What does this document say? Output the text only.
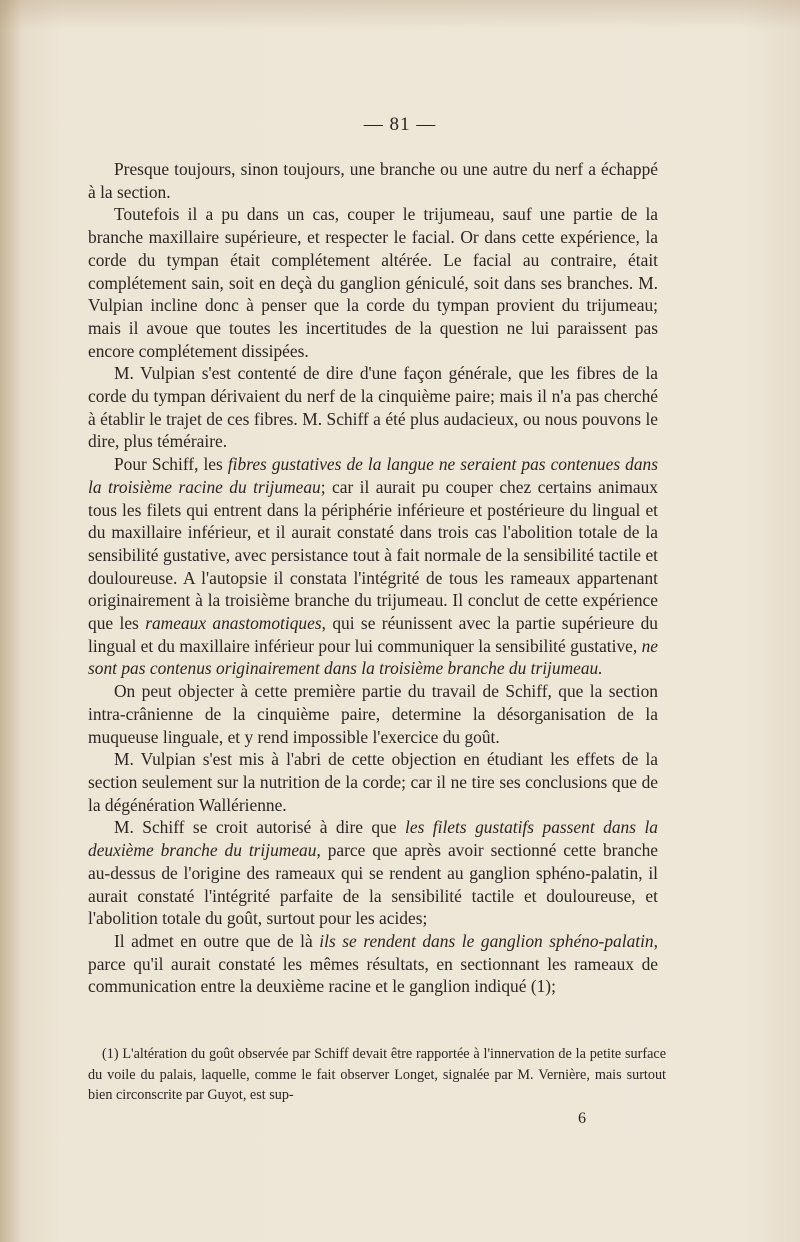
— 81 —

Presque toujours, sinon toujours, une branche ou une autre du nerf a échappé à la section.

Toutefois il a pu dans un cas, couper le trijumeau, sauf une partie de la branche maxillaire supérieure, et respecter le facial. Or dans cette expérience, la corde du tympan était complétement altérée. Le facial au contraire, était complétement sain, soit en deçà du ganglion géniculé, soit dans ses branches. M. Vulpian incline donc à penser que la corde du tympan provient du trijumeau; mais il avoue que toutes les incertitudes de la question ne lui paraissent pas encore complétement dissipées.

M. Vulpian s'est contenté de dire d'une façon générale, que les fibres de la corde du tympan dérivaient du nerf de la cinquième paire; mais il n'a pas cherché à établir le trajet de ces fibres. M. Schiff a été plus audacieux, ou nous pouvons le dire, plus téméraire.

Pour Schiff, les fibres gustatives de la langue ne seraient pas contenues dans la troisième racine du trijumeau; car il aurait pu couper chez certains animaux tous les filets qui entrent dans la périphérie inférieure et postérieure du lingual et du maxillaire inférieur, et il aurait constaté dans trois cas l'abolition totale de la sensibilité gustative, avec persistance tout à fait normale de la sensibilité tactile et douloureuse. A l'autopsie il constata l'intégrité de tous les rameaux appartenant originairement à la troisième branche du trijumeau. Il conclut de cette expérience que les rameaux anastomotiques, qui se réunissent avec la partie supérieure du lingual et du maxillaire inférieur pour lui communiquer la sensibilité gustative, ne sont pas contenus originairement dans la troisième branche du trijumeau.

On peut objecter à cette première partie du travail de Schiff, que la section intra-crânienne de la cinquième paire, determine la désorganisation de la muqueuse linguale, et y rend impossible l'exercice du goût.

M. Vulpian s'est mis à l'abri de cette objection en étudiant les effets de la section seulement sur la nutrition de la corde; car il ne tire ses conclusions que de la dégénération Wallérienne.

M. Schiff se croit autorisé à dire que les filets gustatifs passent dans la deuxième branche du trijumeau, parce que après avoir sectionné cette branche au-dessus de l'origine des rameaux qui se rendent au ganglion sphéno-palatin, il aurait constaté l'intégrité parfaite de la sensibilité tactile et douloureuse, et l'abolition totale du goût, surtout pour les acides;

Il admet en outre que de là ils se rendent dans le ganglion sphéno-palatin, parce qu'il aurait constaté les mêmes résultats, en sectionnant les rameaux de communication entre la deuxième racine et le ganglion indiqué (1);

(1) L'altération du goût observée par Schiff devait être rapportée à l'innervation de la petite surface du voile du palais, laquelle, comme le fait observer Longet, signalée par M. Vernière, mais surtout bien circonscrite par Guyot, est sup-

6
